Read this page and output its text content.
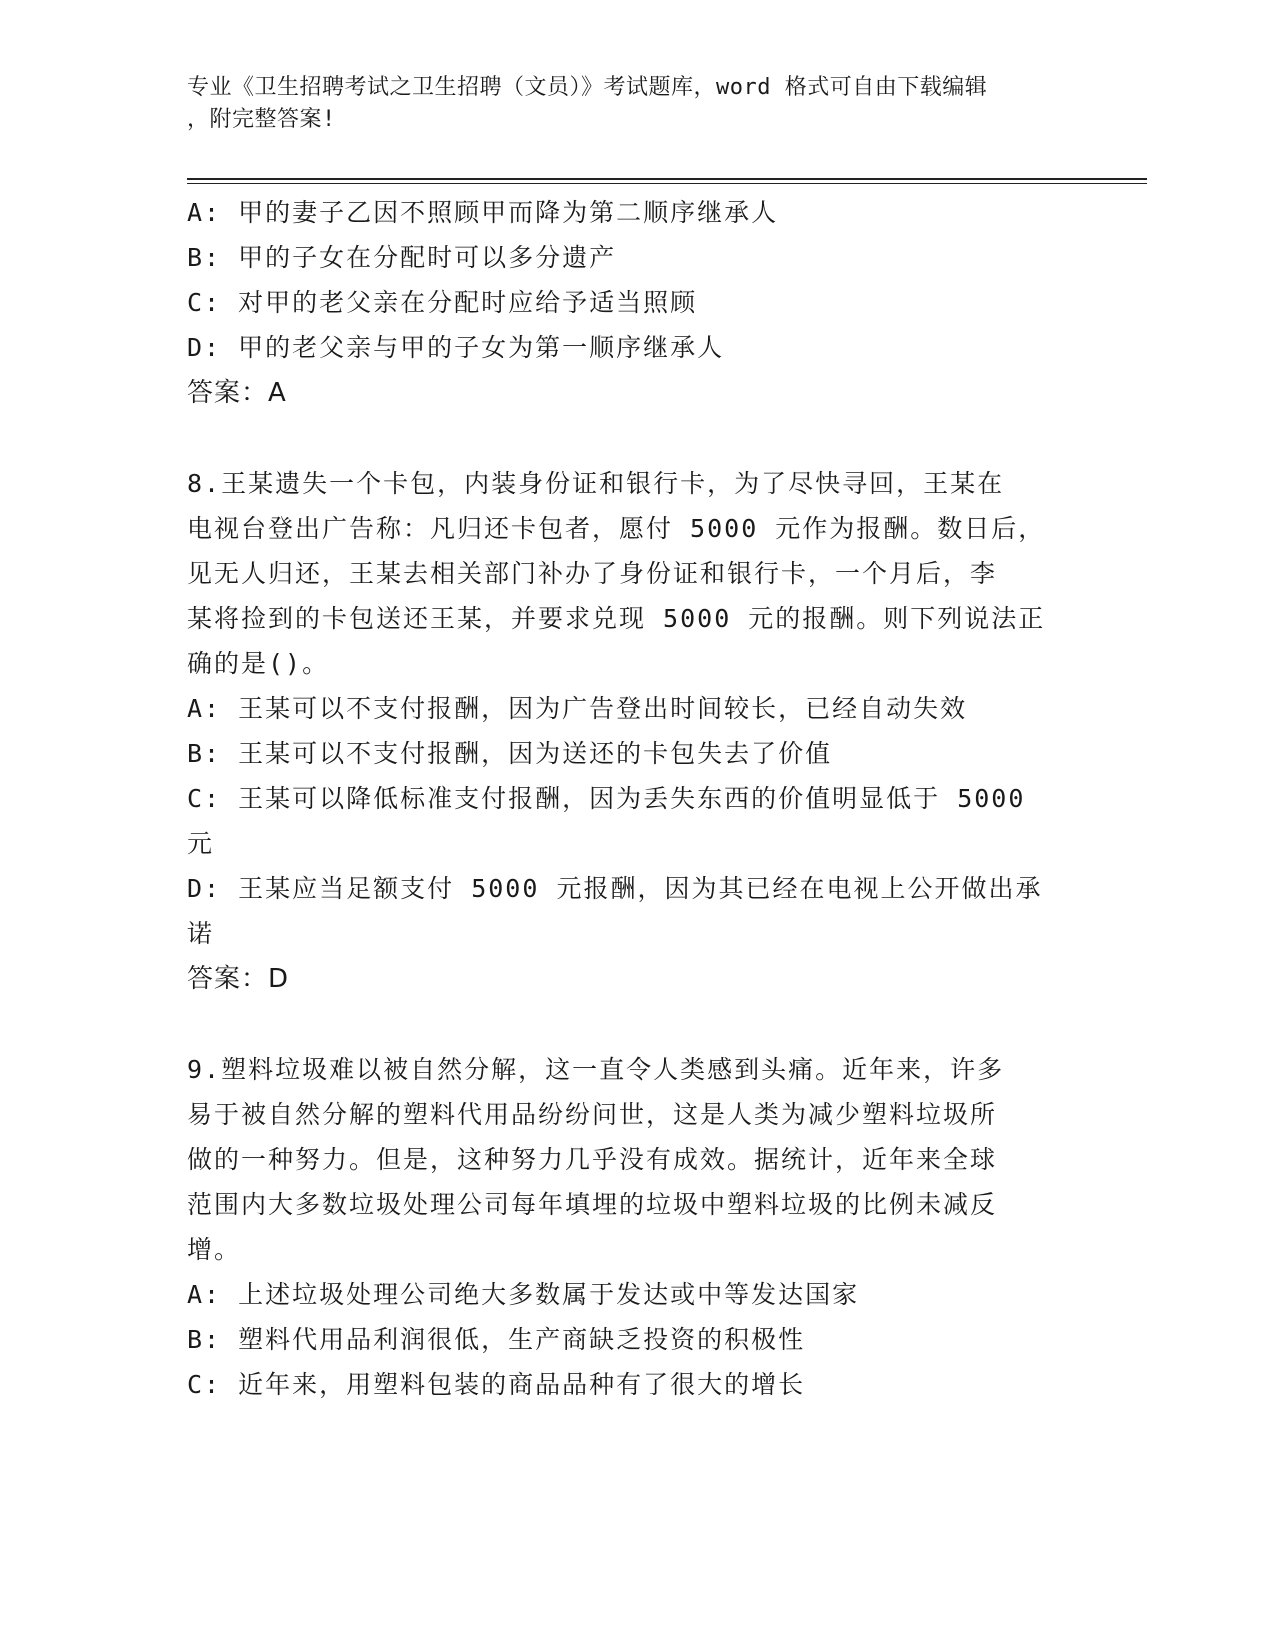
专业《卫生招聘考试之卫生招聘（文员）》考试题库，word 格式可自由下载编辑
，附完整答案!

A: 甲的妻子乙因不照顾甲而降为第二顺序继承人

B: 甲的子女在分配时可以多分遗产

C: 对甲的老父亲在分配时应给予适当照顾

D: 甲的老父亲与甲的子女为第一顺序继承人

答案：A

8.王某遗失一个卡包，内装身份证和银行卡，为了尽快寻回，王某在

电视台登出广告称：凡归还卡包者，愿付 5000 元作为报酬。数日后，

见无人归还，王某去相关部门补办了身份证和银行卡，一个月后，李

某将捡到的卡包送还王某，并要求兑现 5000 元的报酬。则下列说法正

确的是()。

A: 王某可以不支付报酬，因为广告登出时间较长，已经自动失效

B: 王某可以不支付报酬，因为送还的卡包失去了价值

C: 王某可以降低标准支付报酬，因为丢失东西的价值明显低于 5000

元

D: 王某应当足额支付 5000 元报酬，因为其已经在电视上公开做出承

诺

答案：D

9.塑料垃圾难以被自然分解，这一直令人类感到头痛。近年来，许多

易于被自然分解的塑料代用品纷纷问世，这是人类为减少塑料垃圾所

做的一种努力。但是，这种努力几乎没有成效。据统计，近年来全球

范围内大多数垃圾处理公司每年填埋的垃圾中塑料垃圾的比例未减反

增。

A: 上述垃圾处理公司绝大多数属于发达或中等发达国家

B: 塑料代用品利润很低，生产商缺乏投资的积极性

C: 近年来，用塑料包装的商品品种有了很大的增长
